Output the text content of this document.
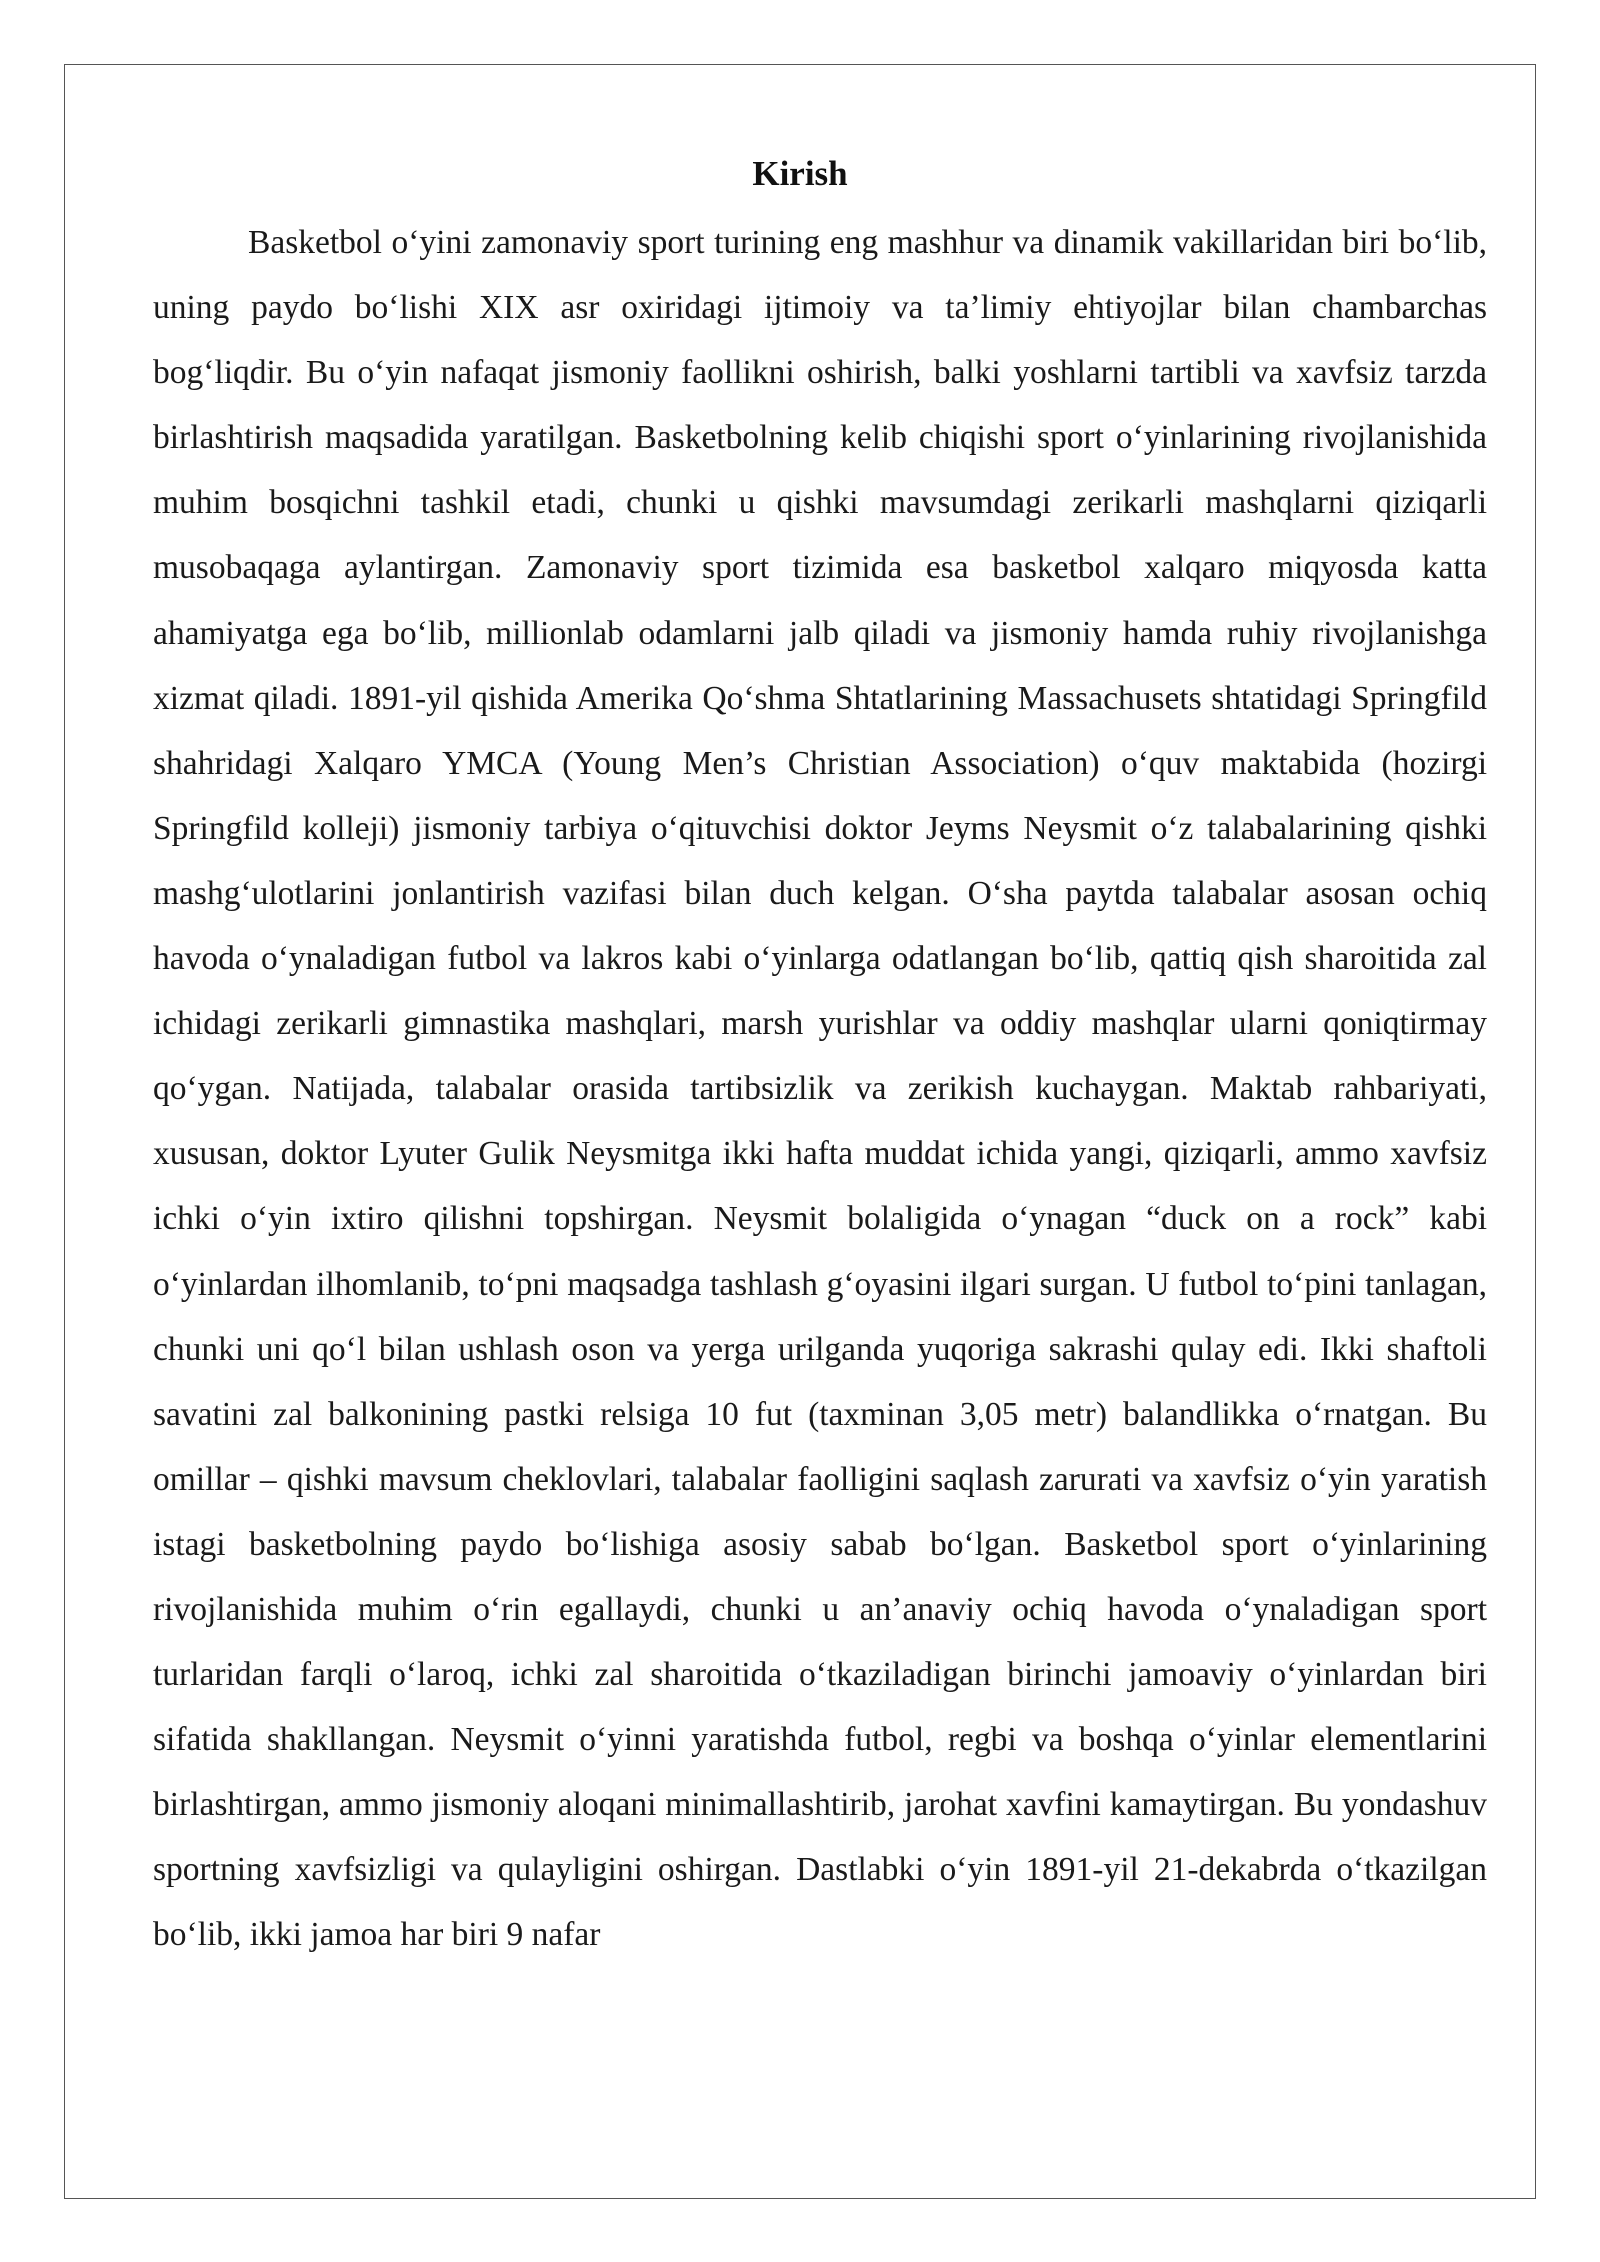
Kirish

Basketbol o‘yini zamonaviy sport turining eng mashhur va dinamik vakillaridan biri bo‘lib, uning paydo bo‘lishi XIX asr oxiridagi ijtimoiy va ta’limiy ehtiyojlar bilan chambarchas bog‘liqdir. Bu o‘yin nafaqat jismoniy faollikni oshirish, balki yoshlarni tartibli va xavfsiz tarzda birlashtirish maqsadida yaratilgan. Basketbolning kelib chiqishi sport o‘yinlarining rivojlanishida muhim bosqichni tashkil etadi, chunki u qishki mavsumdagi zerikarli mashqlarni qiziqarli musobaqaga aylantirgan. Zamonaviy sport tizimida esa basketbol xalqaro miqyosda katta ahamiyatga ega bo‘lib, millionlab odamlarni jalb qiladi va jismoniy hamda ruhiy rivojlanishga xizmat qiladi. 1891-yil qishida Amerika Qo‘shma Shtatlarining Massachusets shtatidagi Springfild shahridagi Xalqaro YMCA (Young Men’s Christian Association) o‘quv maktabida (hozirgi Springfild kolleji) jismoniy tarbiya o‘qituvchisi doktor Jeyms Neysmit o‘z talabalarining qishki mashg‘ulotlarini jonlantirish vazifasi bilan duch kelgan. O‘sha paytda talabalar asosan ochiq havoda o‘ynaladigan futbol va lakros kabi o‘yinlarga odatlangan bo‘lib, qattiq qish sharoitida zal ichidagi zerikarli gimnastika mashqlari, marsh yurishlar va oddiy mashqlar ularni qoniqtirmay qo‘ygan. Natijada, talabalar orasida tartibsizlik va zerikish kuchaygan. Maktab rahbariyati, xususan, doktor Lyuter Gulik Neysmitga ikki hafta muddat ichida yangi, qiziqarli, ammo xavfsiz ichki o‘yin ixtiro qilishni topshirgan. Neysmit bolaligida o‘ynagan “duck on a rock” kabi o‘yinlardan ilhomlanib, to‘pni maqsadga tashlash g‘oyasini ilgari surgan. U futbol to‘pini tanlagan, chunki uni qo‘l bilan ushlash oson va yerga urilganda yuqoriga sakrashi qulay edi. Ikki shaftoli savatini zal balkonining pastki relsiga 10 fut (taxminan 3,05 metr) balandlikka o‘rnatgan. Bu omillar – qishki mavsum cheklovlari, talabalar faolligini saqlash zarurati va xavfsiz o‘yin yaratish istagi basketbolning paydo bo‘lishiga asosiy sabab bo‘lgan. Basketbol sport o‘yinlarining rivojlanishida muhim o‘rin egallaydi, chunki u an’anaviy ochiq havoda o‘ynaladigan sport turlaridan farqli o‘laroq, ichki zal sharoitida o‘tkaziladigan birinchi jamoaviy o‘yinlardan biri sifatida shakllangan. Neysmit o‘yinni yaratishda futbol, regbi va boshqa o‘yinlar elementlarini birlashtirgan, ammo jismoniy aloqani minimallashtirib, jarohat xavfini kamaytirgan. Bu yondashuv sportning xavfsizligi va qulayligini oshirgan. Dastlabki o‘yin 1891-yil 21-dekabrda o‘tkazilgan bo‘lib, ikki jamoa har biri 9 nafar
